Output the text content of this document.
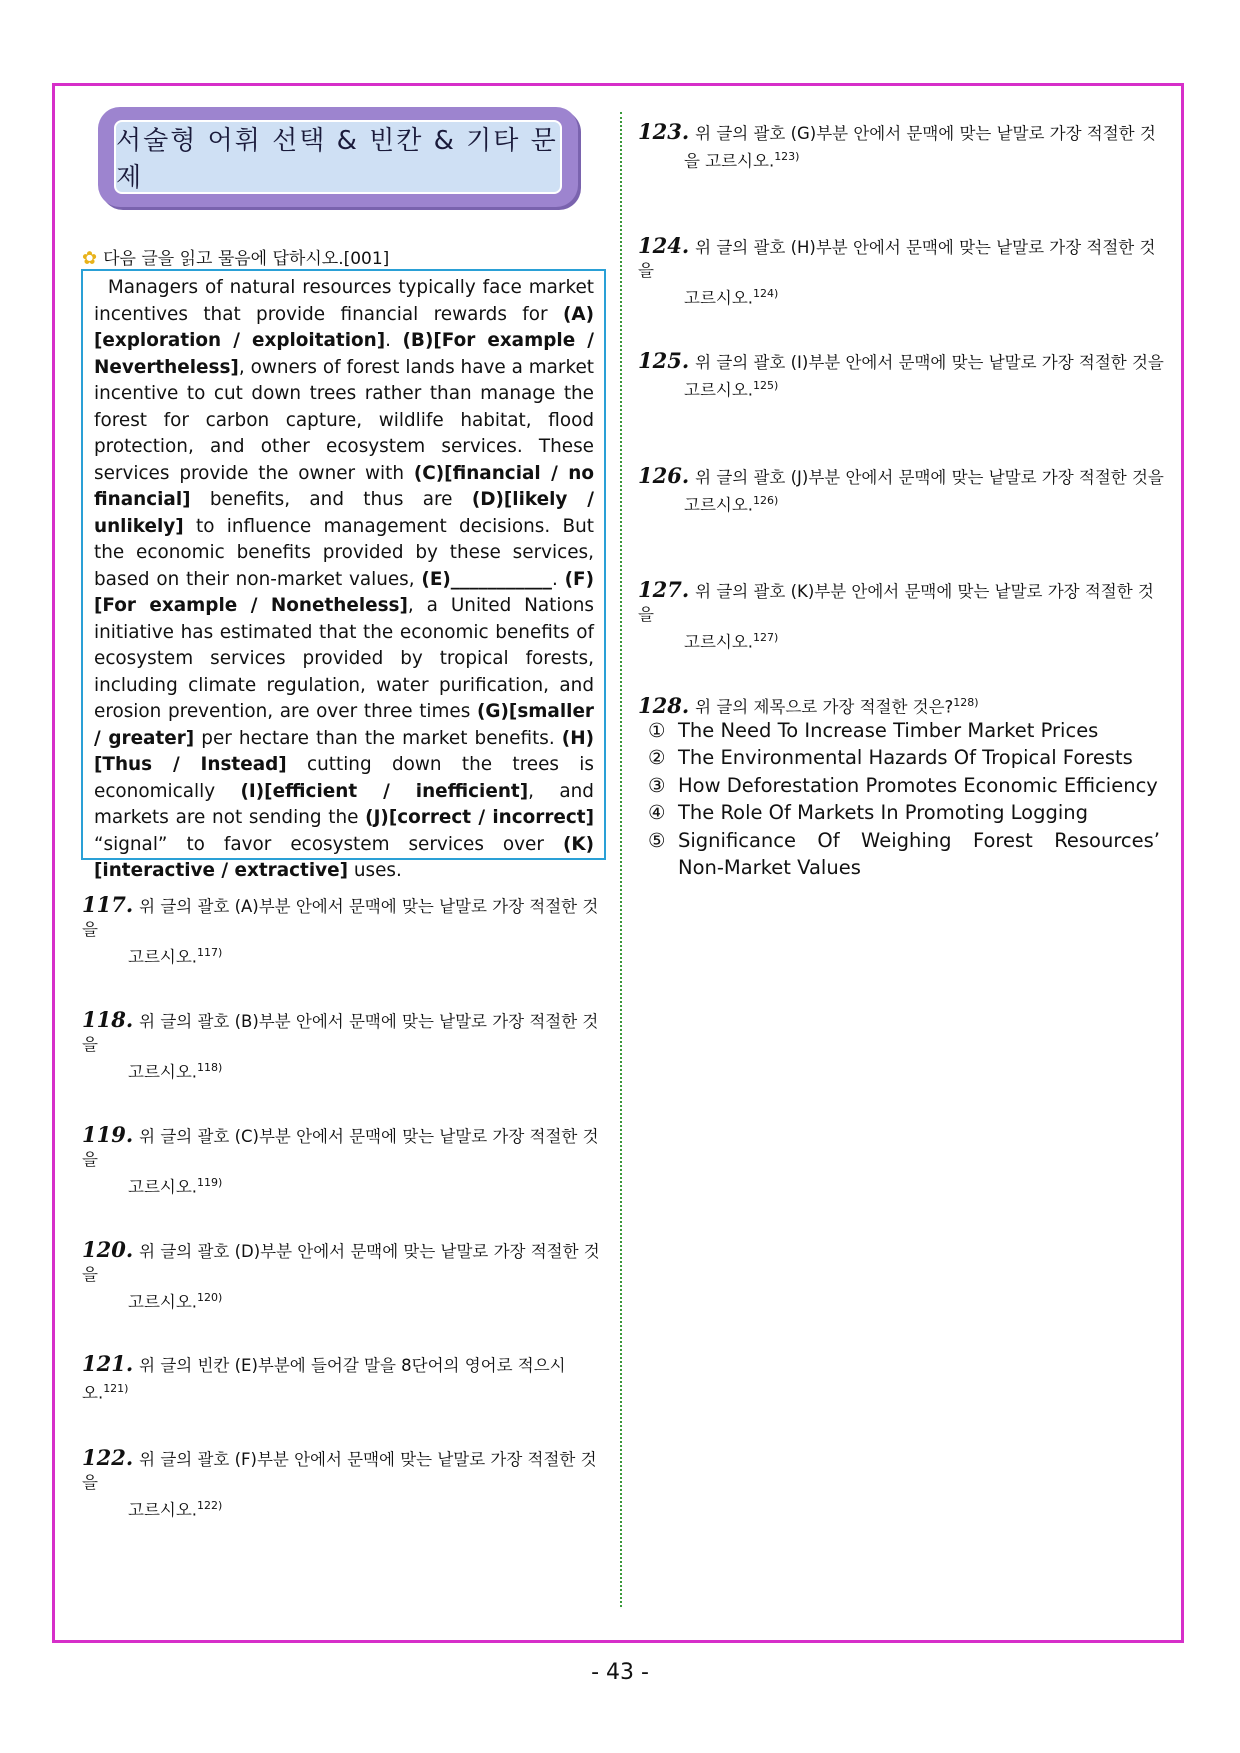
서술형 어휘 선택 & 빈칸 & 기타 문제
✿ 다음 글을 읽고 물음에 답하시오.[001]
Managers of natural resources typically face market incentives that provide financial rewards for (A)[exploration / exploitation]. (B)[For example / Nevertheless], owners of forest lands have a market incentive to cut down trees rather than manage the forest for carbon capture, wildlife habitat, flood protection, and other ecosystem services. These services provide the owner with (C)[financial / no financial] benefits, and thus are (D)[likely / unlikely] to influence management decisions. But the economic benefits provided by these services, based on their non-market values, (E)___________. (F)[For example / Nonetheless], a United Nations initiative has estimated that the economic benefits of ecosystem services provided by tropical forests, including climate regulation, water purification, and erosion prevention, are over three times (G)[smaller / greater] per hectare than the market benefits. (H)[Thus / Instead] cutting down the trees is economically (I)[efficient / inefficient], and markets are not sending the (J)[correct / incorrect] “signal” to favor ecosystem services over (K)[interactive / extractive] uses.
117. 위 글의 괄호 (A)부분 안에서 문맥에 맞는 낱말로 가장 적절한 것을
고르시오.$^{117)}$
118. 위 글의 괄호 (B)부분 안에서 문맥에 맞는 낱말로 가장 적절한 것을
고르시오.$^{118)}$
119. 위 글의 괄호 (C)부분 안에서 문맥에 맞는 낱말로 가장 적절한 것을
고르시오.$^{119)}$
120. 위 글의 괄호 (D)부분 안에서 문맥에 맞는 낱말로 가장 적절한 것을
고르시오.$^{120)}$
121. 위 글의 빈칸 (E)부분에 들어갈 말을 8단어의 영어로 적으시오.$^{121)}$
122. 위 글의 괄호 (F)부분 안에서 문맥에 맞는 낱말로 가장 적절한 것을
고르시오.$^{122)}$
123. 위 글의 괄호 (G)부분 안에서 문맥에 맞는 낱말로 가장 적절한 것
을 고르시오.$^{123)}$
124. 위 글의 괄호 (H)부분 안에서 문맥에 맞는 낱말로 가장 적절한 것을
고르시오.$^{124)}$
125. 위 글의 괄호 (I)부분 안에서 문맥에 맞는 낱말로 가장 적절한 것을
고르시오.$^{125)}$
126. 위 글의 괄호 (J)부분 안에서 문맥에 맞는 낱말로 가장 적절한 것을
고르시오.$^{126)}$
127. 위 글의 괄호 (K)부분 안에서 문맥에 맞는 낱말로 가장 적절한 것을
고르시오.$^{127)}$
128. 위 글의 제목으로 가장 적절한 것은?$^{128)}$
① The Need To Increase Timber Market Prices
② The Environmental Hazards Of Tropical Forests
③ How Deforestation Promotes Economic Efficiency
④ The Role Of Markets In Promoting Logging
⑤ Significance Of Weighing Forest Resources’
Non-Market Values
- 43 -
